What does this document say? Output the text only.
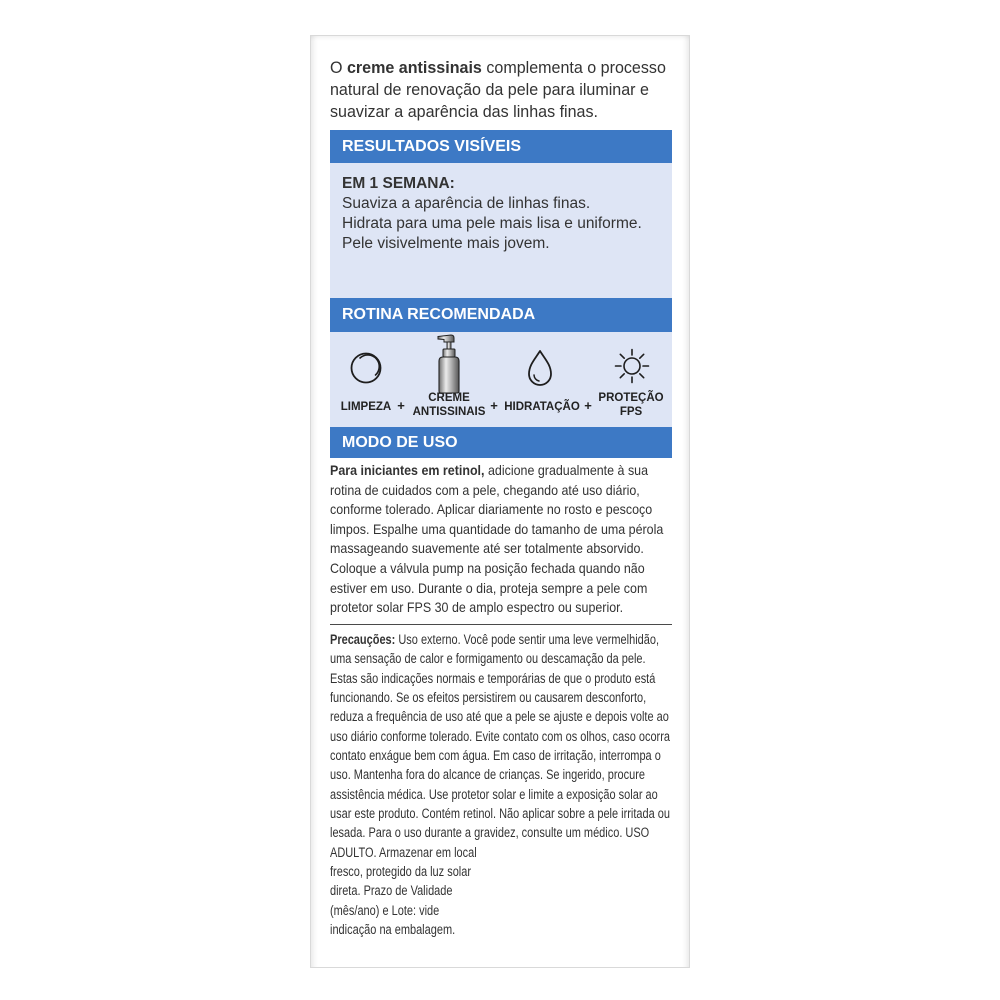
O creme antissinais complementa o processo
natural de renovação da pele para iluminar e
suavizar a aparência das linhas finas.
RESULTADOS VISÍVEIS
EM 1 SEMANA:
Suaviza a aparência de linhas finas.
Hidrata para uma pele mais lisa e uniforme.
Pele visivelmente mais jovem.
ROTINA RECOMENDADA
LIMPEZA +	CREME
ANTISSINAIS + HIDRATAÇÃO + PROTEÇÃO
FPS
MODO DE USO
Para iniciantes em retinol, adicione gradualmente à sua
rotina de cuidados com a pele, chegando até uso diário,
conforme tolerado. Aplicar diariamente no rosto e pescoço
limpos. Espalhe uma quantidade do tamanho de uma pérola
massageando suavemente até ser totalmente absorvido.
Coloque a válvula pump na posição fechada quando não
estiver em uso. Durante o dia, proteja sempre a pele com
protetor solar FPS 30 de amplo espectro ou superior.
Precauções: Uso externo. Você pode sentir uma leve vermelhidão,
uma sensação de calor e formigamento ou descamação da pele.
Estas são indicações normais e temporárias de que o produto está
funcionando. Se os efeitos persistirem ou causarem desconforto,
reduza a frequência de uso até que a pele se ajuste e depois volte ao
uso diário conforme tolerado. Evite contato com os olhos, caso ocorra
contato enxágue bem com água. Em caso de irritação, interrompa o
uso. Mantenha fora do alcance de crianças. Se ingerido, procure
assistência médica. Use protetor solar e limite a exposição solar ao
usar este produto. Contém retinol. Não aplicar sobre a pele irritada ou
lesada. Para o uso durante a gravidez, consulte um médico. USO
ADULTO. Armazenar em local
fresco, protegido da luz solar
direta. Prazo de Validade
(mês/ano) e Lote: vide
indicação na embalagem.
